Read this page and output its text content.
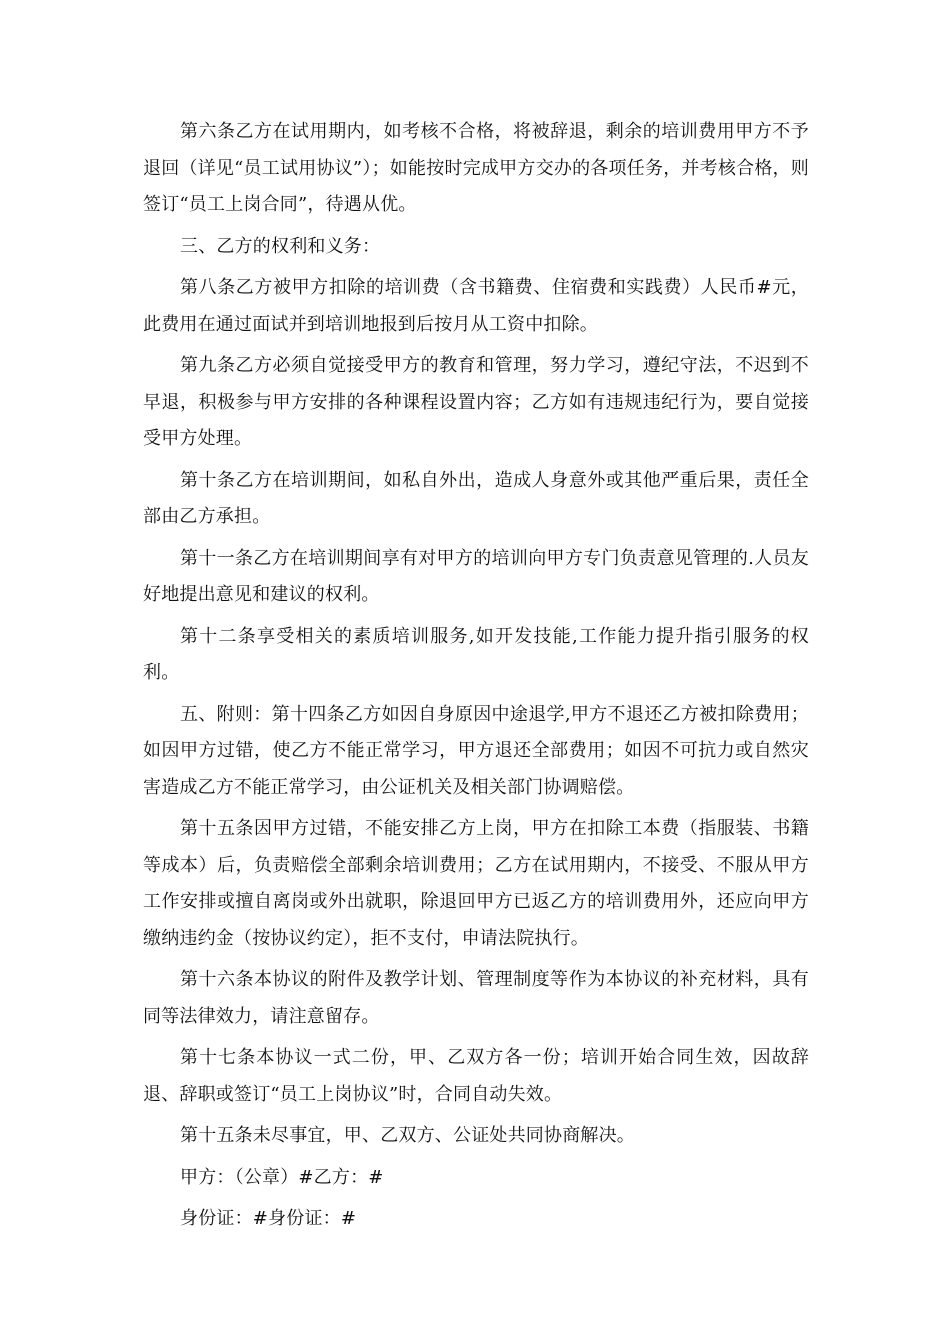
第六条乙方在试用期内，如考核不合格，将被辞退，剩余的培训费用甲方不予退回（详见“员工试用协议”）；如能按时完成甲方交办的各项任务，并考核合格，则签订“员工上岗合同”，待遇从优。

三、乙方的权利和义务：

第八条乙方被甲方扣除的培训费（含书籍费、住宿费和实践费）人民币#元，此费用在通过面试并到培训地报到后按月从工资中扣除。

第九条乙方必须自觉接受甲方的教育和管理，努力学习，遵纪守法，不迟到不早退，积极参与甲方安排的各种课程设置内容；乙方如有违规违纪行为，要自觉接受甲方处理。

第十条乙方在培训期间，如私自外出，造成人身意外或其他严重后果，责任全部由乙方承担。

第十一条乙方在培训期间享有对甲方的培训向甲方专门负责意见管理的.人员友好地提出意见和建议的权利。

第十二条享受相关的素质培训服务,如开发技能,工作能力提升指引服务的权利。

五、附则：第十四条乙方如因自身原因中途退学,甲方不退还乙方被扣除费用；如因甲方过错，使乙方不能正常学习，甲方退还全部费用；如因不可抗力或自然灾害造成乙方不能正常学习，由公证机关及相关部门协调赔偿。

第十五条因甲方过错，不能安排乙方上岗，甲方在扣除工本费（指服装、书籍等成本）后，负责赔偿全部剩余培训费用；乙方在试用期内，不接受、不服从甲方工作安排或擅自离岗或外出就职，除退回甲方已返乙方的培训费用外，还应向甲方缴纳违约金（按协议约定），拒不支付，申请法院执行。

第十六条本协议的附件及教学计划、管理制度等作为本协议的补充材料，具有同等法律效力，请注意留存。

第十七条本协议一式二份，甲、乙双方各一份；培训开始合同生效，因故辞退、辞职或签订“员工上岗协议”时，合同自动失效。

第十五条未尽事宜，甲、乙双方、公证处共同协商解决。

甲方：（公章）#乙方：#

身份证：#身份证：#
